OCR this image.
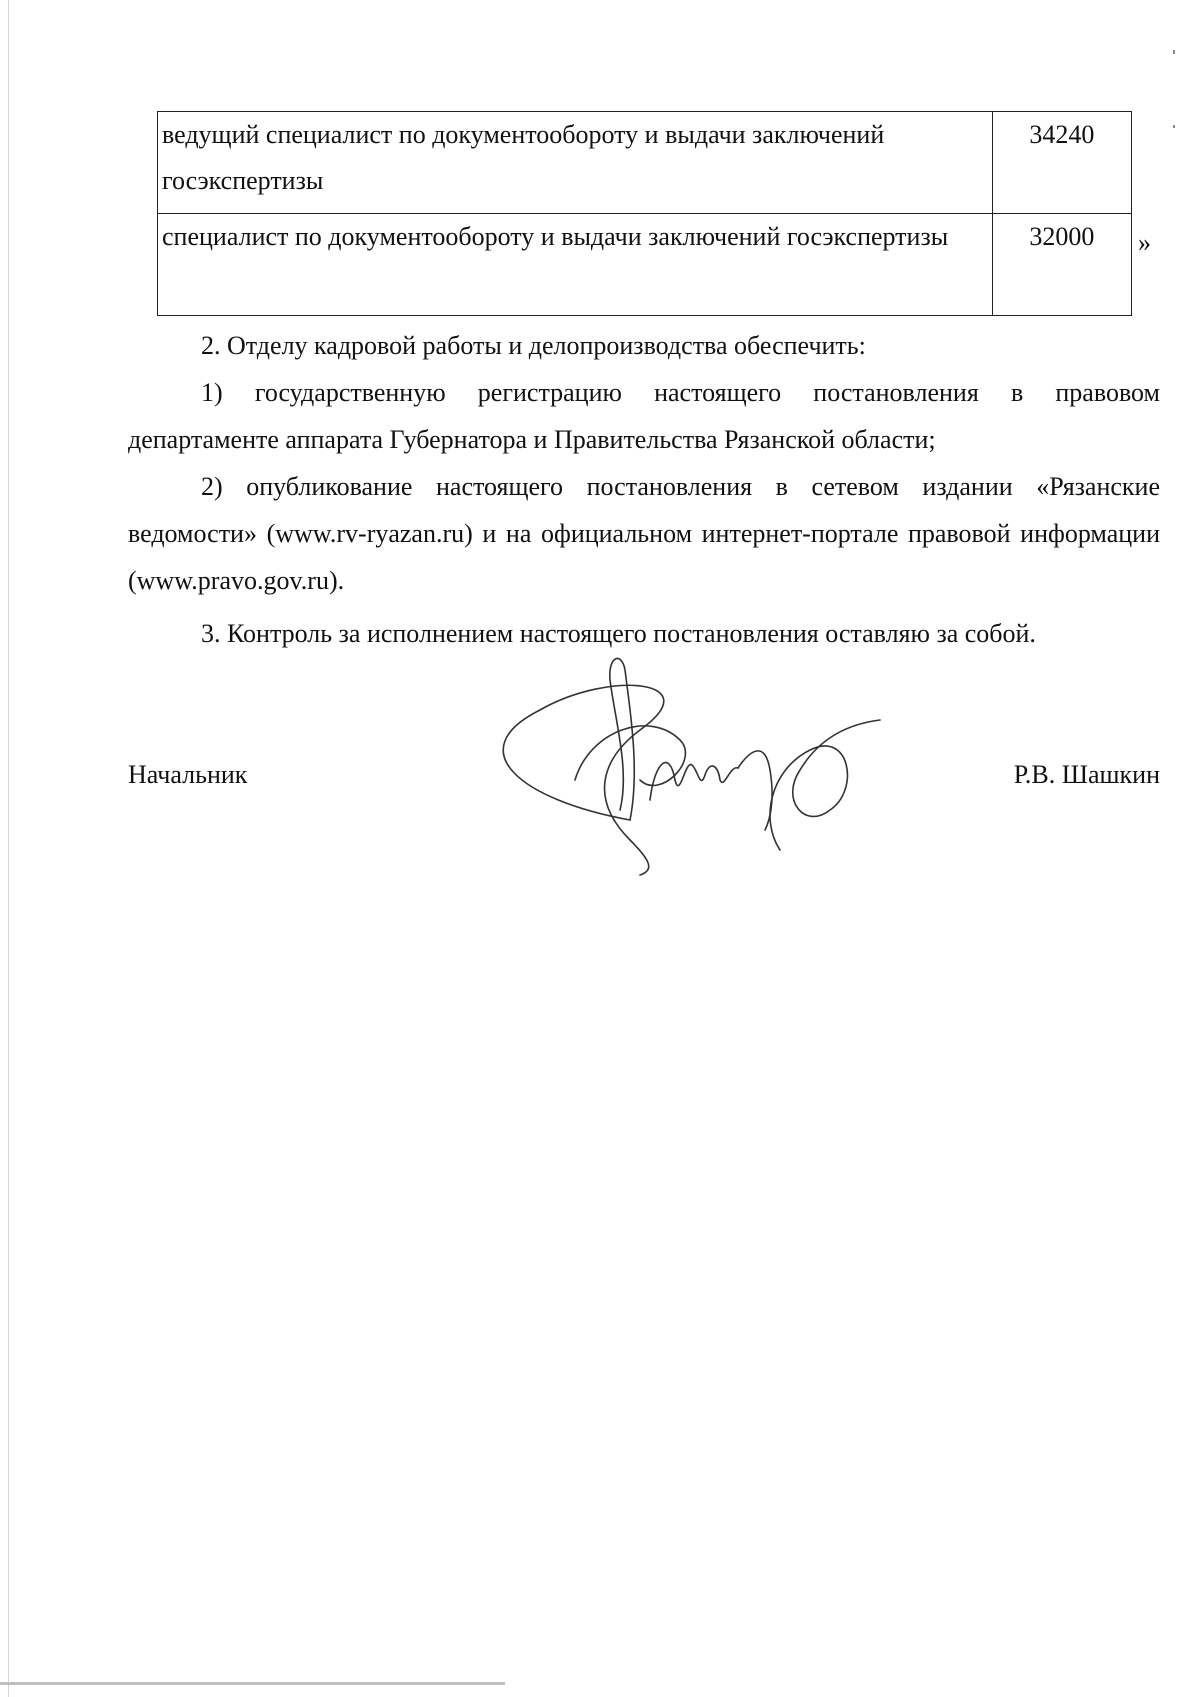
ведущий специалист по документообороту и выдачи заключений госэкспертизы	34240
специалист по документообороту и выдачи заключений госэкспертизы	32000 »

2. Отделу кадровой работы и делопроизводства обеспечить:

1) государственную регистрацию настоящего постановления в правовом департаменте аппарата Губернатора и Правительства Рязанской области;

2) опубликование настоящего постановления в сетевом издании «Рязанские ведомости» (www.rv-ryazan.ru) и на официальном интернет-портале правовой информации (www.pravo.gov.ru).

3. Контроль за исполнением настоящего постановления оставляю за собой.

Начальник	Р.В. Шашкин
